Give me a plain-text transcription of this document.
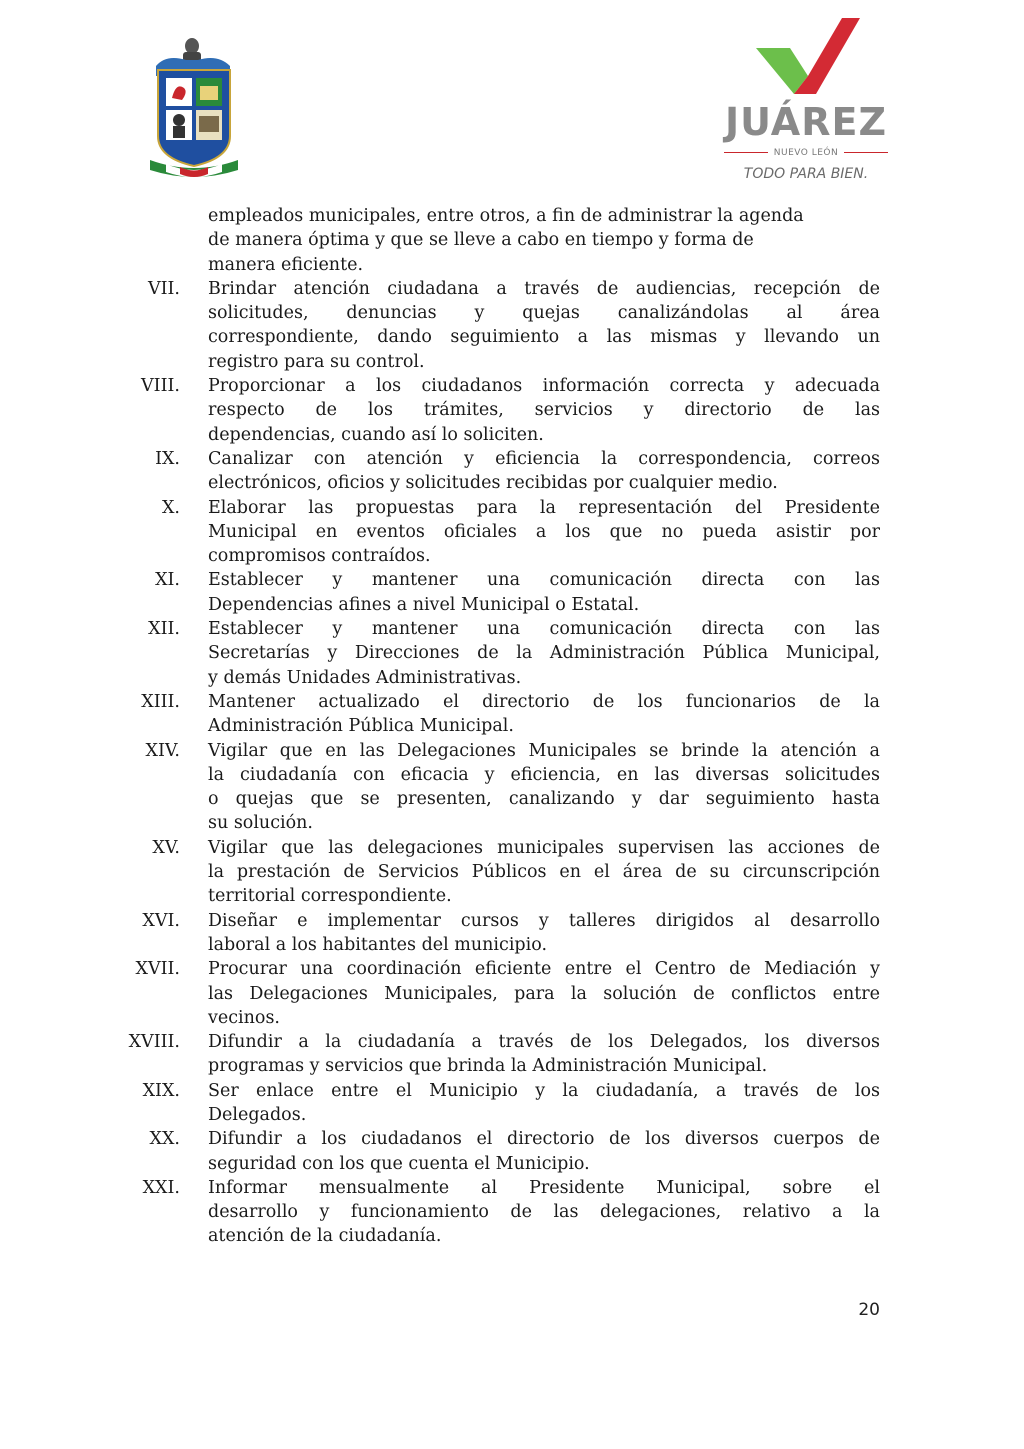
JUÁREZ
NUEVO LEÓN
TODO PARA BIEN.
empleados municipales, entre otros, a fin de administrar la agenda
de manera óptima y que se lleve a cabo en tiempo y forma de
manera eficiente.
VII. Brindar atención ciudadana a través de audiencias, recepción de
solicitudes, denuncias y quejas canalizándolas al área
correspondiente, dando seguimiento a las mismas y llevando un
registro para su control.
VIII. Proporcionar a los ciudadanos información correcta y adecuada
respecto de los trámites, servicios y directorio de las
dependencias, cuando así lo soliciten.
IX. Canalizar con atención y eficiencia la correspondencia, correos
electrónicos, oficios y solicitudes recibidas por cualquier medio.
X. Elaborar las propuestas para la representación del Presidente
Municipal en eventos oficiales a los que no pueda asistir por
compromisos contraídos.
XI. Establecer y mantener una comunicación directa con las
Dependencias afines a nivel Municipal o Estatal.
XII. Establecer y mantener una comunicación directa con las
Secretarías y Direcciones de la Administración Pública Municipal,
y demás Unidades Administrativas.
XIII. Mantener actualizado el directorio de los funcionarios de la
Administración Pública Municipal.
XIV. Vigilar que en las Delegaciones Municipales se brinde la atención a
la ciudadanía con eficacia y eficiencia, en las diversas solicitudes
o quejas que se presenten, canalizando y dar seguimiento hasta
su solución.
XV. Vigilar que las delegaciones municipales supervisen las acciones de
la prestación de Servicios Públicos en el área de su circunscripción
territorial correspondiente.
XVI. Diseñar e implementar cursos y talleres dirigidos al desarrollo
laboral a los habitantes del municipio.
XVII. Procurar una coordinación eficiente entre el Centro de Mediación y
las Delegaciones Municipales, para la solución de conflictos entre
vecinos.
XVIII. Difundir a la ciudadanía a través de los Delegados, los diversos
programas y servicios que brinda la Administración Municipal.
XIX. Ser enlace entre el Municipio y la ciudadanía, a través de los
Delegados.
XX. Difundir a los ciudadanos el directorio de los diversos cuerpos de
seguridad con los que cuenta el Municipio.
XXI. Informar mensualmente al Presidente Municipal, sobre el
desarrollo y funcionamiento de las delegaciones, relativo a la
atención de la ciudadanía.
20
